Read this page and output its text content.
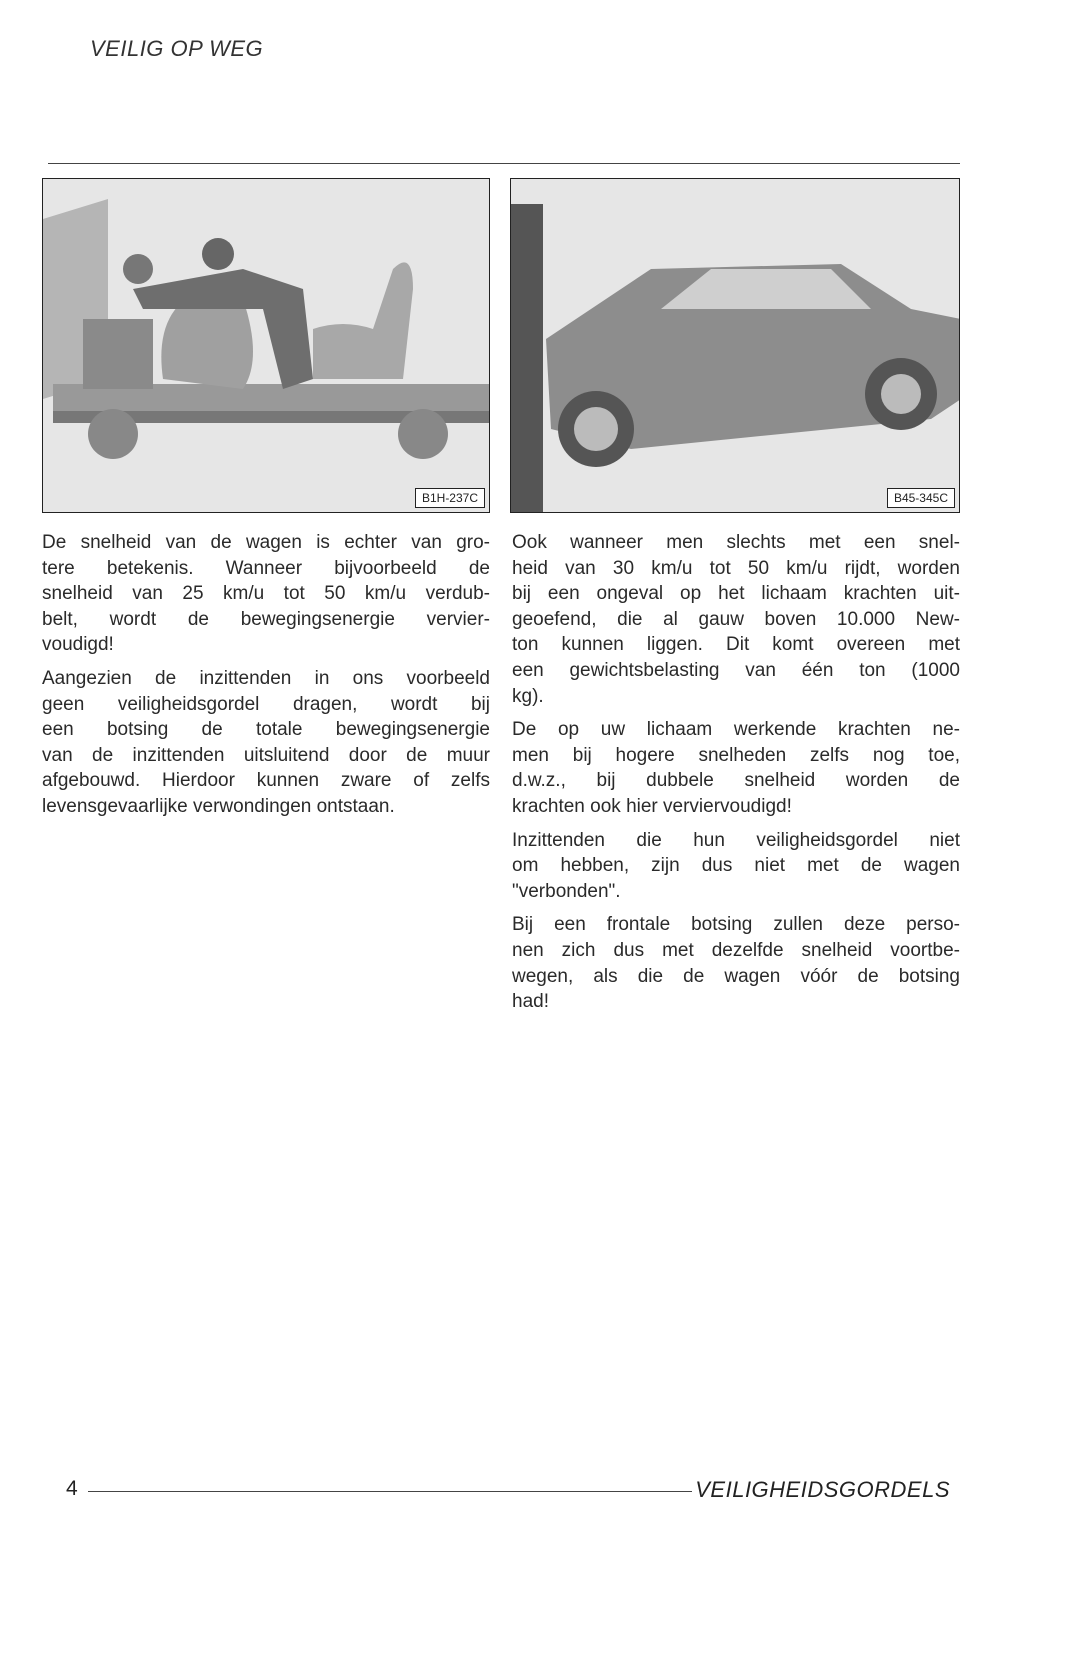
VEILIG OP WEG
B1H-237C	B45-345C
De snelheid van de wagen is echter van gro-
tere betekenis. Wanneer bijvoorbeeld de
snelheid van 25 km/u tot 50 km/u verdub-
belt, wordt de bewegingsenergie vervier-
voudigd!
Aangezien de inzittenden in ons voorbeeld
geen veiligheidsgordel dragen, wordt bij
een botsing de totale bewegingsenergie
van de inzittenden uitsluitend door de muur
afgebouwd. Hierdoor kunnen zware of zelfs
levensgevaarlijke verwondingen ontstaan.
Ook wanneer men slechts met een snel-
heid van 30 km/u tot 50 km/u rijdt, worden
bij een ongeval op het lichaam krachten uit-
geoefend, die al gauw boven 10.000 New-
ton kunnen liggen. Dit komt overeen met
een gewichtsbelasting van één ton (1000
kg).
De op uw lichaam werkende krachten ne-
men bij hogere snelheden zelfs nog toe,
d.w.z., bij dubbele snelheid worden de
krachten ook hier verviervoudigd!
Inzittenden die hun veiligheidsgordel niet
om hebben, zijn dus niet met de wagen
"verbonden".
Bij een frontale botsing zullen deze perso-
nen zich dus met dezelfde snelheid voortbe-
wegen, als die de wagen vóór de botsing
had!
4	VEILIGHEIDSGORDELS
